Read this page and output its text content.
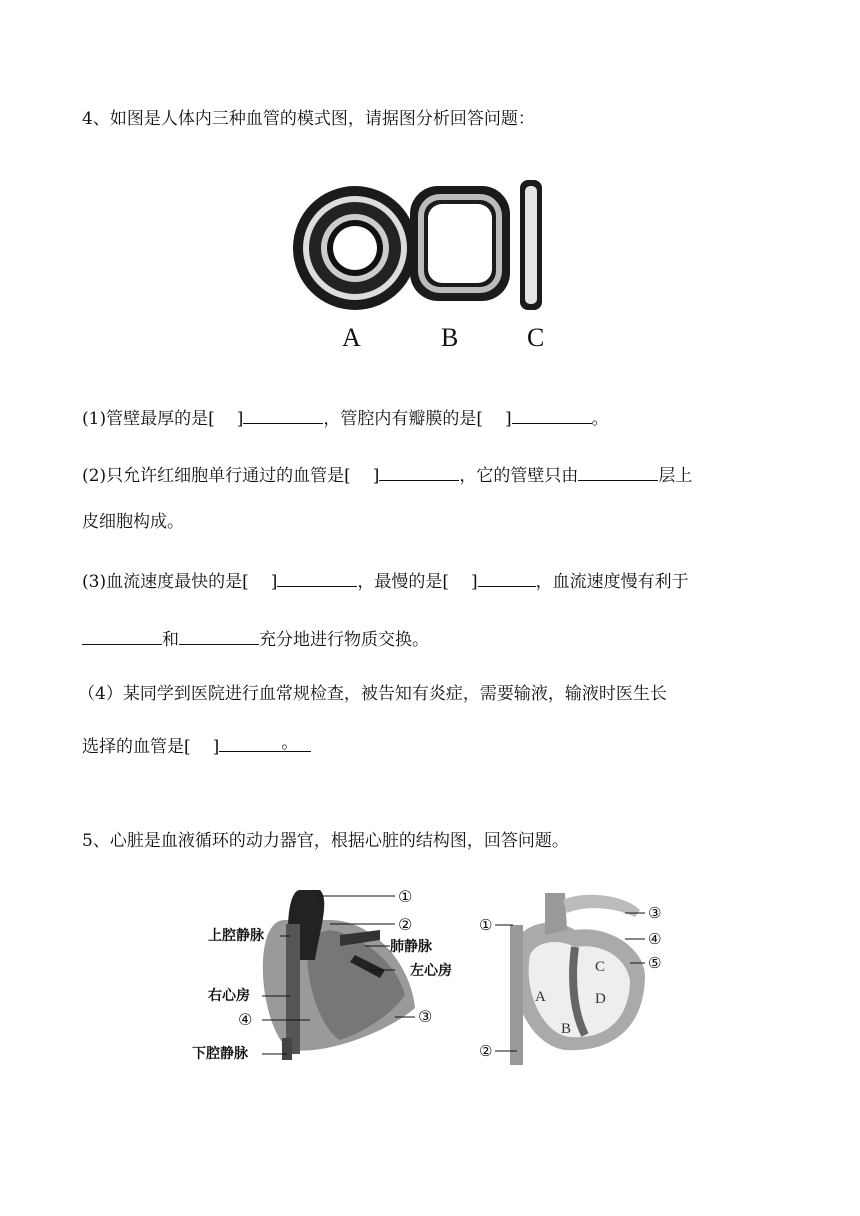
4、如图是人体内三种血管的模式图，请据图分析回答问题：
A	B	C
(1)管壁最厚的是[ ]	，管腔内有瓣膜的是[ ]	。
(2)只允许红细胞单行通过的血管是[ ]	，它的管壁只由	层上
皮细胞构成。
(3)血流速度最快的是[ ]	，最慢的是[ ]	，血流速度慢有利于
和	充分地进行物质交换。
（4）某同学到医院进行血常规检查，被告知有炎症，需要输液，输液时医生长
选择的血管是[ ]	。
5、心脏是血液循环的动力器官，根据心脏的结构图，回答问题。
①
②
上腔静脉
肺静脉
左心房
右心房
③
④
下腔静脉
①
②
③
④
⑤
A
B
C
D
